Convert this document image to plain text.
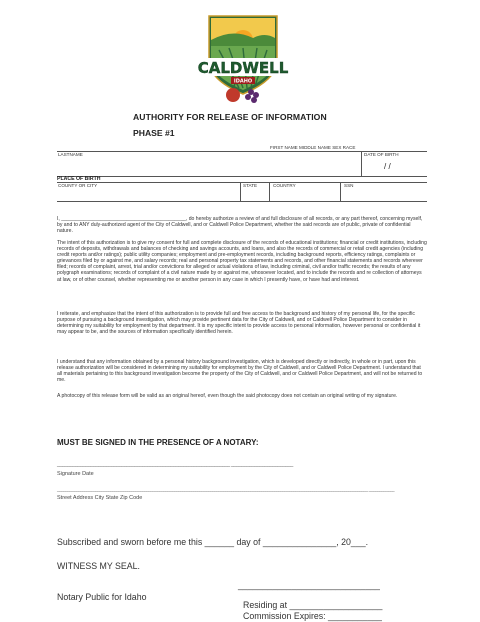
CALDWELL
IDAHO
AUTHORITY FOR RELEASE OF INFORMATION
PHASE #1
FIRST NAME MIDDLE NAME SEX RACE
LASTNAME	DATE OF BIRTH
/ /
PLACE OF BIRTH
COUNTY OR CITY	STATE	COUNTRY	SSN
I, ____________________________________________, do hereby authorize a review of and full disclosure of all records, or any part thereof, concerning myself, by and to ANY duly-authorized agent of the City of Caldwell, and or Caldwell Police Department, whether the said records are of public, private of confidential nature.
The intent of this authorization is to give my consent for full and complete disclosure of the records of educational institutions; financial or credit institutions, including records of deposits, withdrawals and balances of checking and savings accounts, and loans, and also the records of commercial or retail credit agencies (including credit reports and/or ratings); public utility companies; employment and pre-employment records, including background reports, efficiency ratings, complaints or grievances filed by or against me, and salary records; real and personal property tax statements and records, and other financial statements and records wherever filed; records of complaint, arrest, trial and/or convictions for alleged or actual violations of law, including criminal, civil and/or traffic records; the results of any polygraph examinations; records of complaint of a civil nature made by or against me, whosoever located, and to include the records and re collection of attorneys at law, or of other counsel, whether representing me or another person in any case in which I presently have, or have had and interest.
I reiterate, and emphasize that the intent of this authorization is to provide full and free access to the background and history of my personal life, for the specific purpose of pursuing a background investigation, which may provide pertinent data for the City of Caldwell, and or Caldwell Police Department to consider in determining my suitability for employment by that department. It is my specific intent to provide access to personal information, however personal or confidential it may appear to be, and the sources of information specifically identified herein.
I understand that any information obtained by a personal history background investigation, which is developed directly or indirectly, in whole or in part, upon this release authorization will be considered in determining my suitability for employment by the City of Caldwell, and or Caldwell Police Department. I understand that all materials pertaining to this background investigation become the property of the City of Caldwell, and or Caldwell Police Department, and will not be returned to me.
A photocopy of this release form will be valid as an original hereof, even though the said photocopy does not contain an original writing of my signature.
MUST BE SIGNED IN THE PRESENCE OF A NOTARY:
___________________________________________________________________ ________________________
Signature Date
__________________________________________________________________________________________________________________________________________________ ____________
Street Address City State Zip Code
Subscribed and sworn before me this ______ day of _______________, 20___.
WITNESS MY SEAL.
_____________________________
Notary Public for Idaho
Residing at ___________________
Commission Expires: ___________
